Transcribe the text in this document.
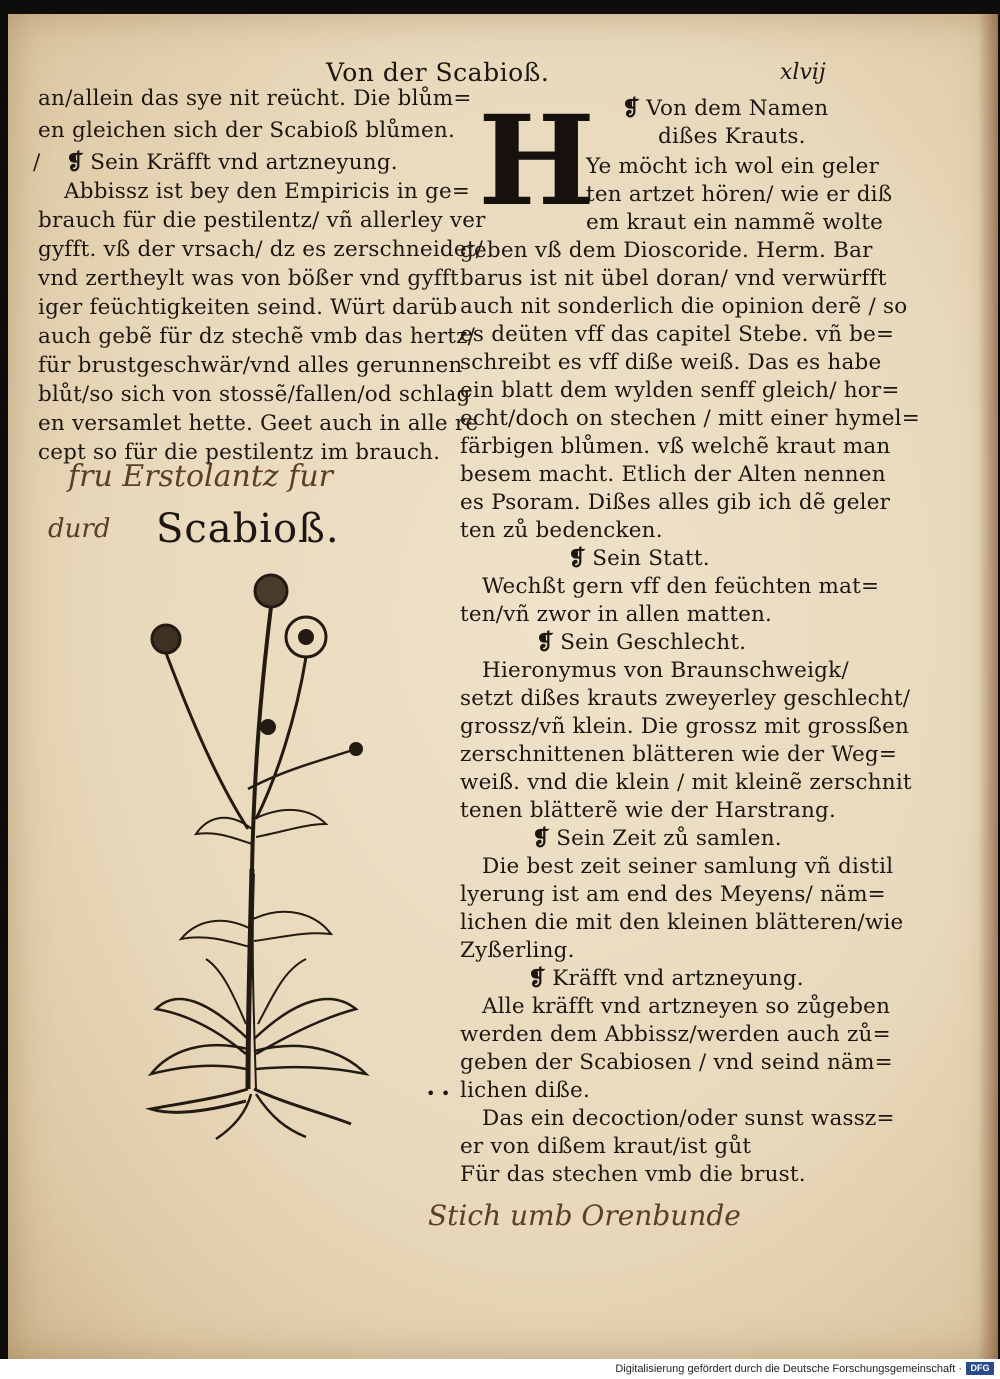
Von der Scabioß.	xlvij
an/allein das sye nit reücht. Die blům=
en gleichen sich der Scabioß blůmen.
/ ❡ Sein Kräfft vnd artzneyung.
Abbissz ist bey den Empiricis in ge=
brauch für die pestilentz/ vñ allerley ver
gyfft. vß der vrsach/ dz es zerschneidet/
vnd zertheylt was von bößer vnd gyfft
iger feüchtigkeiten seind. Würt darüb
auch gebẽ für dz stechẽ vmb das hertz/
für brustgeschwär/vnd alles gerunnen
blůt/so sich von stossẽ/fallen/od schlag
en versamlet hette. Geet auch in alle re
cept so für die pestilentz im brauch.
fru Erstolantz fur
durd Scabioß.
H ❡ Von dem Namen
dißes Krauts.
Ye möcht ich wol ein geler
ten artzet hören/ wie er diß
em kraut ein nammẽ wolte
geben vß dem Dioscoride. Herm. Bar
barus ist nit übel doran/ vnd verwürfft
auch nit sonderlich die opinion derẽ / so
es deüten vff das capitel Stebe. vñ be=
schreibt es vff diße weiß. Das es habe
ein blatt dem wylden senff gleich/ hor=
echt/doch on stechen / mitt einer hymel=
färbigen blůmen. vß welchẽ kraut man
besem macht. Etlich der Alten nennen
es Psoram. Dißes alles gib ich dẽ geler
ten zů bedencken.
❡ Sein Statt.
Wechßt gern vff den feüchten mat=
ten/vñ zwor in allen matten.
❡ Sein Geschlecht.
Hieronymus von Braunschweigk/
setzt dißes krauts zweyerley geschlecht/
grossz/vñ klein. Die grossz mit grossßen
zerschnittenen blätteren wie der Weg=
weiß. vnd die klein / mit kleinẽ zerschnit
tenen blätterẽ wie der Harstrang.
❡ Sein Zeit zů samlen.
Die best zeit seiner samlung vñ distil
lyerung ist am end des Meyens/ näm=
lichen die mit den kleinen blätteren/wie
Zyßerling.
❡ Kräfft vnd artzneyung.
Alle kräfft vnd artzneyen so zůgeben
werden dem Abbissz/werden auch zů=
geben der Scabiosen / vnd seind näm=
lichen diße.
Das ein decoction/oder sunst wassz=
er von dißem kraut/ist gůt
Für das stechen vmb die brust.
• •
Stich umb Orenbunde
Digitalisierung gefördert durch die Deutsche Forschungsgemeinschaft · DFG
